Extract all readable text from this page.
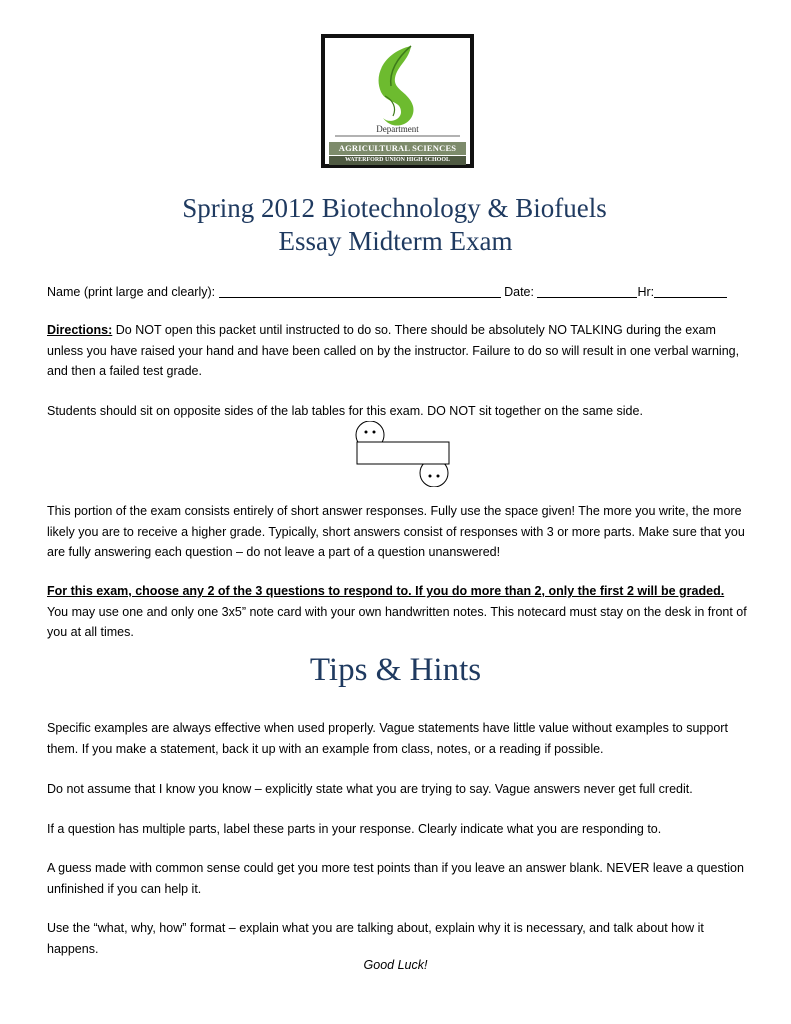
Department
AGRICULTURAL SCIENCES
WATERFORD UNION HIGH SCHOOL
Spring 2012 Biotechnology & Biofuels
Essay Midterm Exam
Name (print large and clearly):	Date:	Hr:
Directions: Do NOT open this packet until instructed to do so. There should be absolutely NO TALKING during the exam unless you have raised your hand and have been called on by the instructor. Failure to do so will result in one verbal warning, and then a failed test grade.
Students should sit on opposite sides of the lab tables for this exam. DO NOT sit together on the same side.
This portion of the exam consists entirely of short answer responses. Fully use the space given! The more you write, the more likely you are to receive a higher grade. Typically, short answers consist of responses with 3 or more parts. Make sure that you are fully answering each question – do not leave a part of a question unanswered!
For this exam, choose any 2 of the 3 questions to respond to. If you do more than 2, only the first 2 will be graded.
You may use one and only one 3x5” note card with your own handwritten notes. This notecard must stay on the desk in front of you at all times.
Tips & Hints
Specific examples are always effective when used properly. Vague statements have little value without examples to support them. If you make a statement, back it up with an example from class, notes, or a reading if possible.
Do not assume that I know you know – explicitly state what you are trying to say. Vague answers never get full credit.
If a question has multiple parts, label these parts in your response. Clearly indicate what you are responding to.
A guess made with common sense could get you more test points than if you leave an answer blank. NEVER leave a question unfinished if you can help it.
Use the “what, why, how” format – explain what you are talking about, explain why it is necessary, and talk about how it happens.
Good Luck!
